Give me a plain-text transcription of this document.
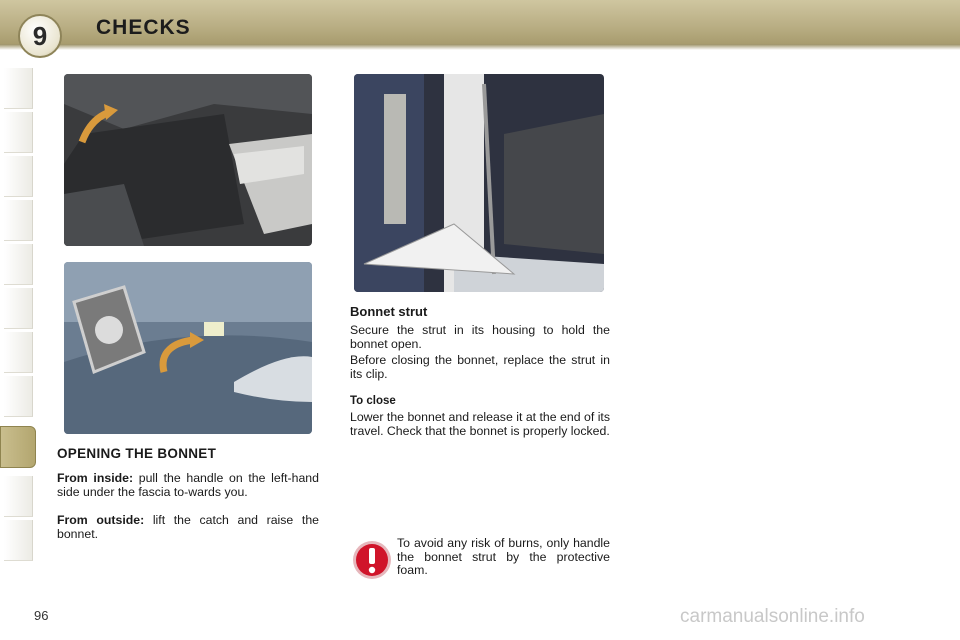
9	CHECKS
OPENING THE BONNET
From inside: pull the handle on the left-hand side under the fascia to-wards you.
From outside: lift the catch and raise the bonnet.
Bonnet strut
Secure the strut in its housing to hold the bonnet open.
Before closing the bonnet, replace the strut in its clip.
To close
Lower the bonnet and release it at the end of its travel. Check that the bonnet is properly locked.
To avoid any risk of burns, only handle the bonnet strut by the protective foam.
96	carmanualsonline.info
